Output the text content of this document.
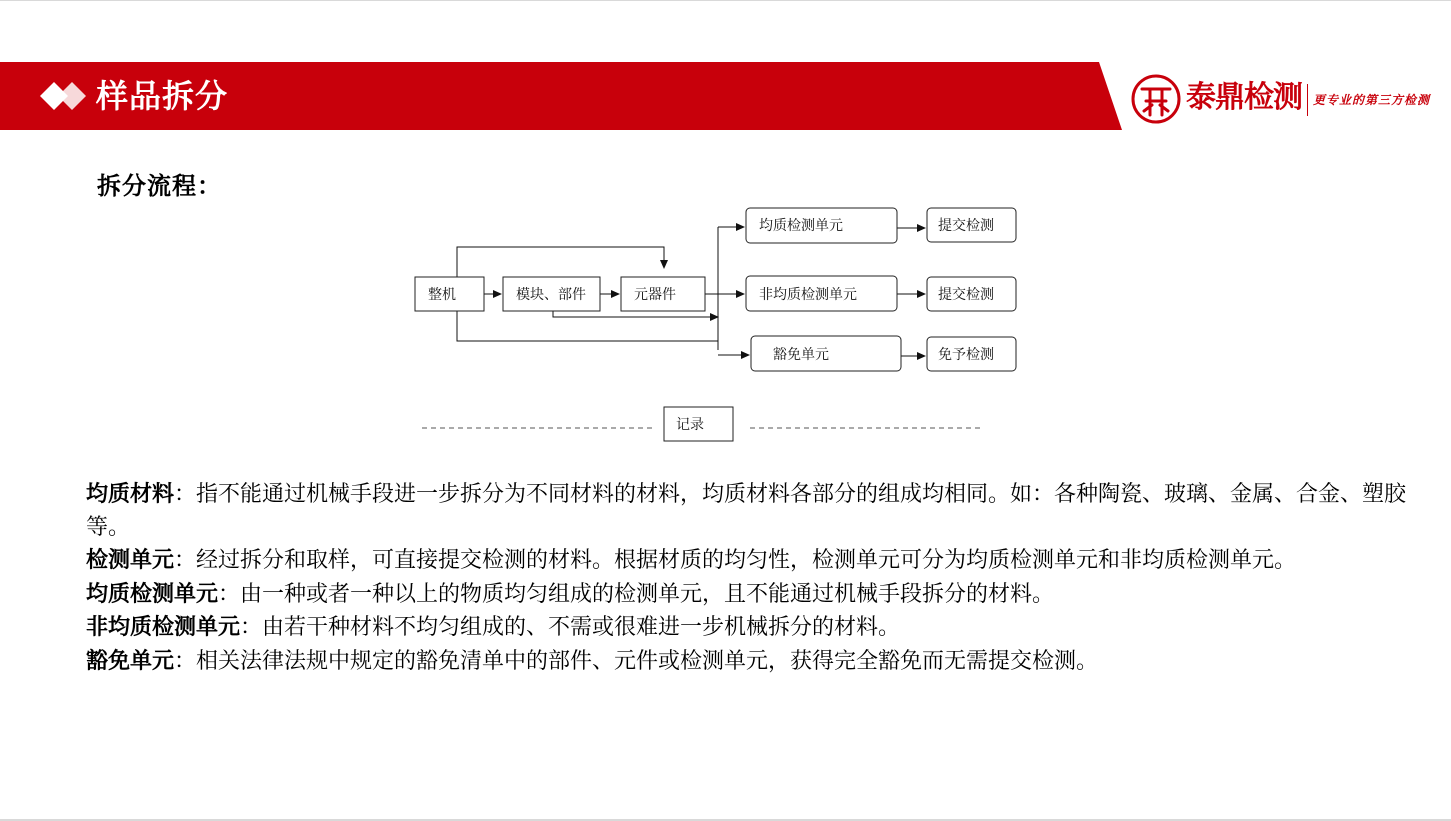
样品拆分	泰鼎检测 更专业的第三方检测
拆分流程：
整机	模块、部件	元器件
均质检测单元
非均质检测单元
豁免单元
提交检测
提交检测
免予检测
记录

均质材料：指不能通过机械手段进一步拆分为不同材料的材料，均质材料各部分的组成均相同。如：各种陶瓷、玻璃、金属、合金、塑胶等。

检测单元：经过拆分和取样，可直接提交检测的材料。根据材质的均匀性，检测单元可分为均质检测单元和非均质检测单元。

均质检测单元：由一种或者一种以上的物质均匀组成的检测单元，且不能通过机械手段拆分的材料。

非均质检测单元：由若干种材料不均匀组成的、不需或很难进一步机械拆分的材料。

豁免单元：相关法律法规中规定的豁免清单中的部件、元件或检测单元，获得完全豁免而无需提交检测。
